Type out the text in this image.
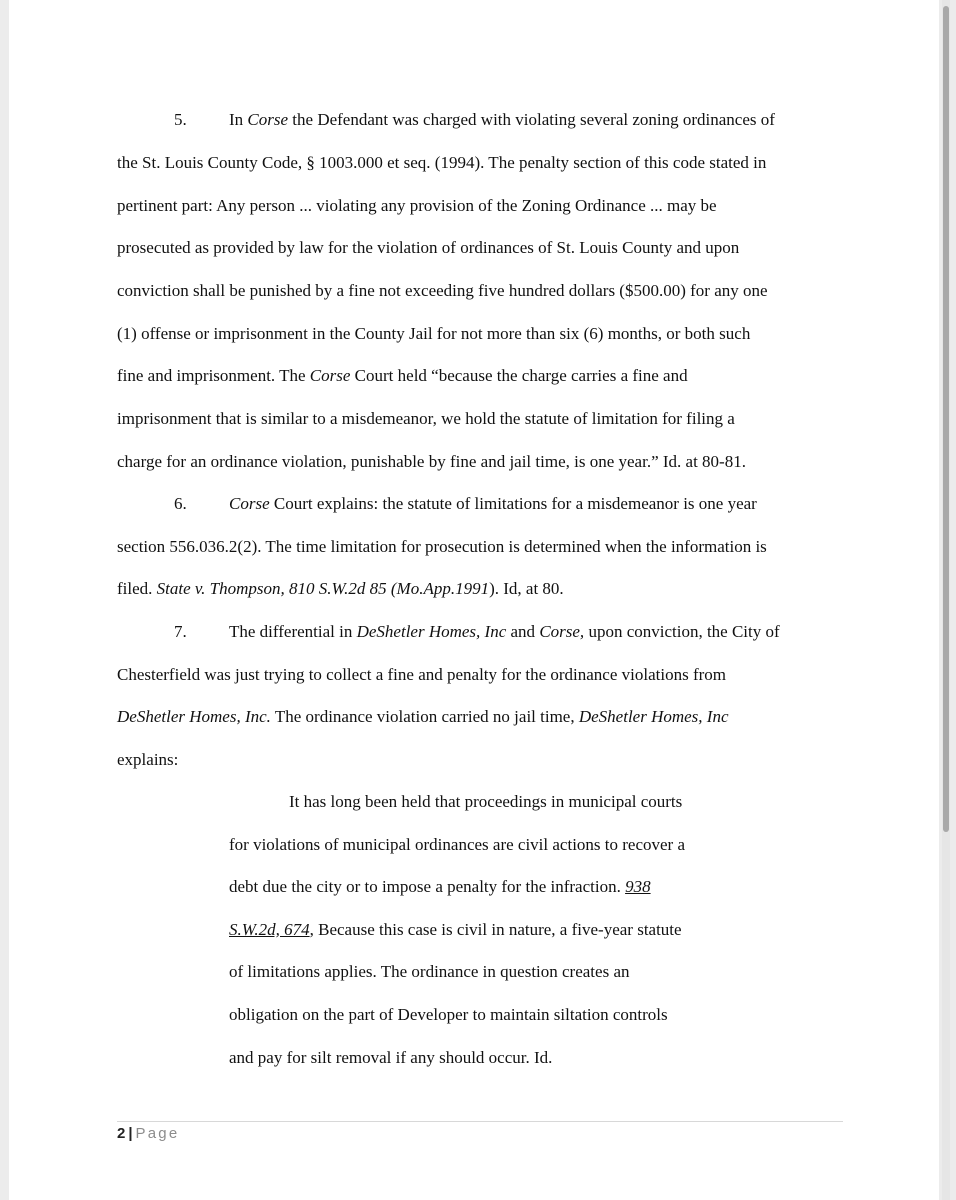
5. In Corse the Defendant was charged with violating several zoning ordinances of
the St. Louis County Code, § 1003.000 et seq. (1994). The penalty section of this code stated in
pertinent part: Any person ... violating any provision of the Zoning Ordinance ... may be
prosecuted as provided by law for the violation of ordinances of St. Louis County and upon
conviction shall be punished by a fine not exceeding five hundred dollars ($500.00) for any one
(1) offense or imprisonment in the County Jail for not more than six (6) months, or both such
fine and imprisonment. The Corse Court held “because the charge carries a fine and
imprisonment that is similar to a misdemeanor, we hold the statute of limitation for filing a
charge for an ordinance violation, punishable by fine and jail time, is one year.” Id. at 80-81.
6. Corse Court explains: the statute of limitations for a misdemeanor is one year
section 556.036.2(2). The time limitation for prosecution is determined when the information is
filed. State v. Thompson, 810 S.W.2d 85 (Mo.App.1991). Id, at 80.
7. The differential in DeShetler Homes, Inc and Corse, upon conviction, the City of
Chesterfield was just trying to collect a fine and penalty for the ordinance violations from
DeShetler Homes, Inc. The ordinance violation carried no jail time, DeShetler Homes, Inc
explains:
It has long been held that proceedings in municipal courts
for violations of municipal ordinances are civil actions to recover a
debt due the city or to impose a penalty for the infraction. 938
S.W.2d, 674, Because this case is civil in nature, a five-year statute
of limitations applies. The ordinance in question creates an
obligation on the part of Developer to maintain siltation controls
and pay for silt removal if any should occur. Id.
2 | Page
